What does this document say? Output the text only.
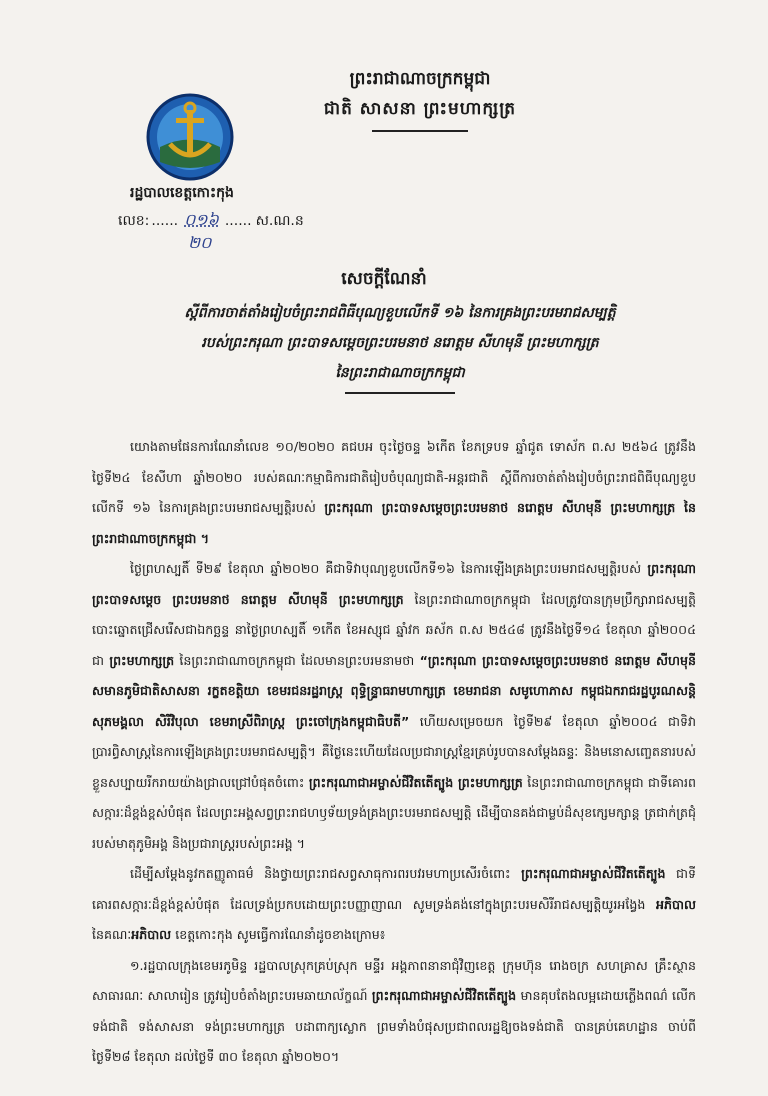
ព្រះរាជាណាចក្រកម្ពុជា
ជាតិ សាសនា ព្រះមហាក្សត្រ
រដ្ឋបាលខេត្តកោះកុង
លេខ: ...... ០១៦ ...... ស.ណ.ន
២០
សេចក្តីណែនាំ
ស្តីពីការចាត់តាំងរៀបចំព្រះរាជពិធីបុណ្យខួបលើកទី ១៦ នៃការគ្រងព្រះបរមរាជសម្បត្តិ
របស់ព្រះករុណា ព្រះបាទសម្តេចព្រះបរមនាថ នរោត្តម សីហមុនី ព្រះមហាក្សត្រ
នៃព្រះរាជាណាចក្រកម្ពុជា

យោងតាមផែនការណែនាំលេខ ១០/២០២០ គជបអ ចុះថ្ងៃចន្ទ ៦កើត ខែភទ្របទ ឆ្នាំជូត ទោស័ក ព.ស ២៥៦៤ ត្រូវនឹងថ្ងៃទី២៤ ខែសីហា ឆ្នាំ២០២០ របស់គណៈកម្មាធិការជាតិរៀបចំបុណ្យជាតិ-អន្តរជាតិ ស្តីពីការចាត់តាំងរៀបចំព្រះរាជពិធីបុណ្យខួបលើកទី ១៦ នៃការគ្រងព្រះបរមរាជសម្បត្តិរបស់ ព្រះករុណា ព្រះបាទសម្តេចព្រះបរមនាថ នរោត្តម សីហមុនី ព្រះមហាក្សត្រ នៃព្រះរាជាណាចក្រកម្ពុជា ។

ថ្ងៃព្រហស្បតិ៍ ទី២៩ ខែតុលា ឆ្នាំ២០២០ គឺជាទិវាបុណ្យខួបលើកទី១៦ នៃការឡើងគ្រងព្រះបរមរាជសម្បត្តិរបស់ ព្រះករុណាព្រះបាទសម្តេច ព្រះបរមនាថ នរោត្តម សីហមុនី ព្រះមហាក្សត្រ នៃព្រះរាជាណាចក្រកម្ពុជា ដែលត្រូវបានក្រុមប្រឹក្សារាជសម្បត្តិបោះឆ្នោតជ្រើសរើសជាឯកច្ឆន្ទ នាថ្ងៃព្រហស្បតិ៍ ១កើត ខែអស្សុជ ឆ្នាំវក ឆស័ក ព.ស ២៥៤៨ ត្រូវនឹងថ្ងៃទី១៤ ខែតុលា ឆ្នាំ២០០៤ ជា ព្រះមហាក្សត្រ នៃព្រះរាជាណាចក្រកម្ពុជា ដែលមានព្រះបរមនាមថា “ព្រះករុណា ព្រះបាទសម្តេចព្រះបរមនាថ នរោត្តម សីហមុនី សមានភូមិជាតិសាសនា រក្ខតខត្តិយា ខេមរជនរដ្ឋរាស្ត្រ ពុទ្ធិន្ទ្រាធរាមហាក្សត្រ ខេមរាជនា សមូហោភាស កម្ពុជឯករាជរដ្ឋបូរណសន្តិ សុភមង្គលា សិរីវិបុលា ខេមរាស្រីពិរាស្ត្រ ព្រះចៅក្រុងកម្ពុជាធិបតី” ហើយសម្រេចយក ថ្ងៃទី២៩ ខែតុលា ឆ្នាំ២០០៤ ជាទិវាប្រារព្ធិសាស្ត្រនៃការឡើងគ្រងព្រះបរមរាជសម្បត្តិ។ គឺថ្ងៃនេះហើយដែលប្រជារាស្ត្រខ្មែរគ្រប់រូបបានសម្តែងឆន្ទៈ និងមនោសញ្ចេតនារបស់ខ្លួនសប្បាយរីករាយយ៉ាងជ្រាលជ្រៅបំផុតចំពោះ ព្រះករុណាជាអម្ចាស់ជីវិតតើត្បូង ព្រះមហាក្សត្រ នៃព្រះរាជាណាចក្រកម្ពុជា ជាទីគោរពសក្ការៈដ៏ខ្ពង់ខ្ពស់បំផុត ដែលព្រះអង្គសព្វព្រះរាជហឫទ័យទ្រង់គ្រងព្រះបរមរាជសម្បត្តិ ដើម្បីបានគង់ជាម្លប់ដ៏សុខក្សេមក្សាន្ត ត្រជាក់ត្រជុំរបស់មាតុភូមិអង្គ និងប្រជារាស្ត្ររបស់ព្រះអង្គ ។

ដើម្បីសម្តែងនូវកតញ្ញូតាធម៌ និងថ្វាយព្រះរាជសព្វសាធុការពរបវរមហាប្រសើរចំពោះ ព្រះករុណាជាអម្ចាស់ជីវិតតើត្បូង ជាទីគោរពសក្ការៈដ៏ខ្ពង់ខ្ពស់បំផុត ដែលទ្រង់ប្រកបដោយព្រះបញ្ញាញាណ សូមទ្រង់គង់នៅក្នុងព្រះបរមសិរីរាជសម្បត្តិយូរអង្វែង អភិបាល នៃគណៈអភិបាល ខេត្តកោះកុង សូមធ្វើការណែនាំដូចខាងក្រោម៖

១.រដ្ឋបាលក្រុងខេមរភូមិន្ទ រដ្ឋបាលស្រុកគ្រប់ស្រុក មន្ទីរ អង្គភាពនានាជុំវិញខេត្ត ក្រុមហ៊ុន រោងចក្រ សហគ្រាស គ្រឹះស្ថានសាធារណៈ សាលារៀន ត្រូវរៀបចំតាំងព្រះបរមឆាយាល័ក្ខណ៍ ព្រះករុណាជាអម្ចាស់ជីវិតតើត្បូង មានគុបតែងលម្អដោយភ្លើងពណ៌ លើកទង់ជាតិ ទង់សាសនា ទង់ព្រះមហាក្សត្រ បដាពាក្យស្លោក ព្រមទាំងបំផុសប្រជាពលរដ្ឋឱ្យចងទង់ជាតិ បានគ្រប់គេហដ្ឋាន ចាប់ពី ថ្ងៃទី២៨ ខែតុលា ដល់ថ្ងៃទី ៣០ ខែតុលា ឆ្នាំ២០២០។
